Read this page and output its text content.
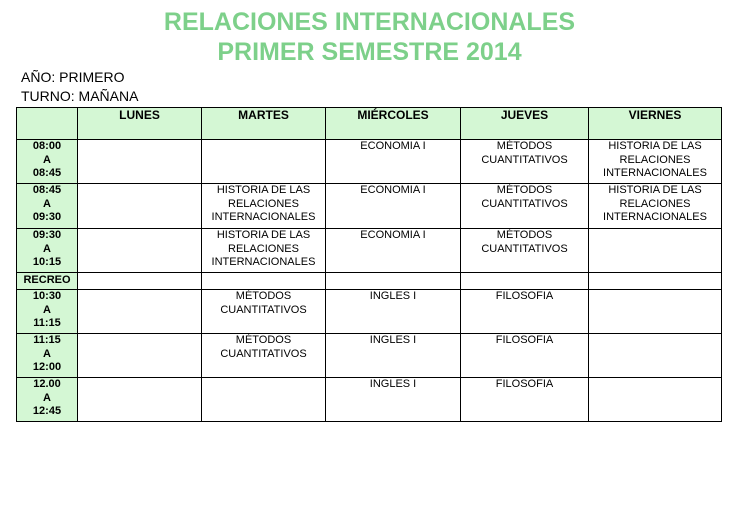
RELACIONES INTERNACIONALES
PRIMER SEMESTRE 2014
AÑO: PRIMERO
TURNO: MAÑANA
	LUNES	MARTES	MIÉRCOLES	JUEVES	VIERNES

08:00
A
08:45			ECONOMIA I	MÉTODOS CUANTITATIVOS	HISTORIA DE LAS RELACIONES INTERNACIONALES

08:45
A
09:30		HISTORIA DE LAS RELACIONES INTERNACIONALES	ECONOMIA I	MÉTODOS CUANTITATIVOS	HISTORIA DE LAS RELACIONES INTERNACIONALES

09:30
A
10:15		HISTORIA DE LAS RELACIONES INTERNACIONALES	ECONOMIA I	MÉTODOS CUANTITATIVOS	
RECREO					

10:30
A
11:15		MÉTODOS CUANTITATIVOS	INGLES I	FILOSOFIA	

11:15
A
12:00		MÉTODOS CUANTITATIVOS	INGLES I	FILOSOFIA	

12.00
A
12:45			INGLES I	FILOSOFIA	
